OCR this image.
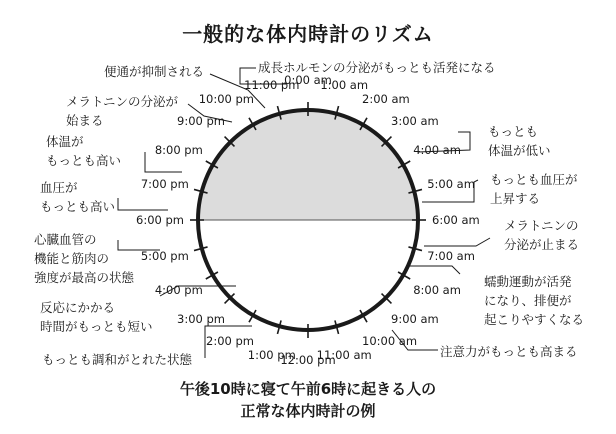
一般的な体内時計のリズム
0:00 am
1:00 am
2:00 am
3:00 am
4:00 am
5:00 am
6:00 am
7:00 am
8:00 am
9:00 am
10:00 am
11:00 am
12:00 pm
1:00 pm
2:00 pm
3:00 pm
4:00 pm
5:00 pm
6:00 pm
7:00 pm
8:00 pm
9:00 pm
10:00 pm
11:00 pm
便通が抑制される	成長ホルモンの分泌がもっとも活発になる
メラトニンの分泌が
始まる
体温が
もっとも高い
血圧が
もっとも高い
心臓血管の
機能と筋肉の
強度が最高の状態
反応にかかる
時間がもっとも短い
もっとも調和がとれた状態
もっとも
体温が低い
もっとも血圧が
上昇する
メラトニンの
分泌が止まる
蠕動運動が活発
になり、排便が
起こりやすくなる
注意力がもっとも高まる
午後10時に寝て午前6時に起きる人の
正常な体内時計の例
